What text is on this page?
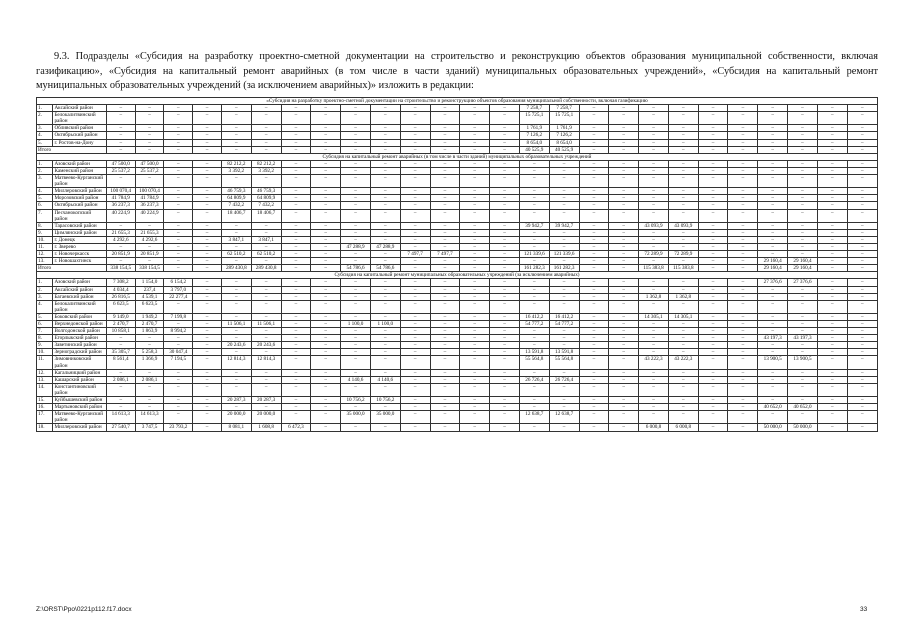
9.3. Подразделы «Субсидия на разработку проектно-сметной документации на строительство и реконструкцию объектов образования муниципальной собственности, включая газификацию», «Субсидия на капитальный ремонт аварийных (в том числе в части зданий) муниципальных образовательных учреждений», «Субсидия на капитальный ремонт муниципальных образовательных учреждений (за исключением аварийных)» изложить в редакции:

«Субсидия на разработку проектно-сметной документации на строительство и реконструкцию объектов образования муниципальной собственности, включая газификацию																											
1.	Аксайский район	–	–	–	–	–	–	–	–	–	–	–	–	–	–	7 258,7	7 258,7	–	–	–	–	–	–	–	–	–	–
2.	Белокалитвинский район	–	–	–	–	–	–	–	–	–	–	–	–	–	–	15 725,1	15 725,1	–	–	–	–	–	–	–	–	–	–
3.	Обливский район	–	–	–	–	–	–	–	–	–	–	–	–	–	–	1 761,9	1 761,9	–	–	–	–	–	–	–	–	–	–
4.	Октябрьский район	–	–	–	–	–	–	–	–	–	–	–	–	–	–	7 126,2	7 126,2	–	–	–	–	–	–	–	–	–	–
5.	г. Ростов-на-Дону	–	–	–	–	–	–	–	–	–	–	–	–	–	–	8 654,0	8 654,0	–	–	–	–	–	–	–	–	–	–
Итого		–	–	–	–	–	–	–	–	–	–	–	–	–	–	40 525,9	40 525,9	–	–	–	–	–	–	–	–	–	–
Субсидия на капитальный ремонт аварийных (в том числе в части зданий) муниципальных образовательных учреждений																											
1.	Азовский район	47 500,0	47 500,0	–	–	82 212,2	82 212,2	–	–	–	–	–	–	–	–	–	–	–	–	–	–	–	–	–	–	–	–
2.	Каменский район	25 537,2	25 537,2	–	–	3 392,2	3 392,2	–	–	–	–	–	–	–	–	–	–	–	–	–	–	–	–	–	–	–	–
3.	Матвеево-Курганский район	–	–	–	–	–	–	–	–	–	–	–	–	–	–	–	–	–	–	–	–	–	–	–	–	–	–
4.	Миллеровский район	100 070,4	100 070,4	–	–	46 759,3	46 759,3	–	–	–	–	–	–	–	–	–	–	–	–	–	–	–	–	–	–	–	–
5.	Морозовский район	41 784,9	41 784,9	–	–	64 809,9	64 809,9	–	–	–	–	–	–	–	–	–	–	–	–	–	–	–	–	–	–	–	–
6.	Октябрьский район	36 237,3	36 237,3	–	–	7 432,2	7 432,2	–	–	–	–	–	–	–	–	–	–	–	–	–	–	–	–	–	–	–	–
7.	Песчанокопский район	40 224,9	40 224,9	–	–	18 406,7	18 406,7	–	–	–	–	–	–	–	–	–	–	–	–	–	–	–	–	–	–	–	–
8.	Тарасовский район	–	–	–	–	–	–	–	–	–	–	–	–	–	–	39 942,7	39 942,7	–	–	43 093,9	43 093,9	–	–	–	–	–	–
9.	Цимлянский район	21 655,3	21 655,3	–	–	–	–	–	–	–	–	–	–	–	–	–	–	–	–	–	–	–	–	–	–	–	–
10.	г. Донецк	4 292,6	4 292,6	–	–	3 847,1	3 847,1	–	–	–	–	–	–	–	–	–	–	–	–	–	–	–	–	–	–	–	–
11.	г. Зверево	–	–	–	–	–	–	–	–	47 288,9	47 288,9	–	–	–	–	–	–	–	–	–	–	–	–	–	–	–	–
12.	г. Новочеркасск	20 851,9	20 851,9	–	–	62 510,2	62 510,2	–	–	–	–	7 497,7	7 497,7	–	–	121 339,6	121 339,6	–	–	72 289,9	72 289,9	–	–	–	–	–	–
13.	г. Новошахтинск	–	–	–	–	–	–	–	–	–	–	–	–	–	–	–	–	–	–	–	–	–	–	29 160,4	29 160,4	–	–
Итого		338 154,5	338 154,5	–	–	289 430,8	289 430,8	–	–	54 786,6	54 786,6	–	–	–	–	161 282,3	161 282,3	–	–	115 383,8	115 383,8	–	–	29 160,4	29 160,4	–	–
Субсидия на капитальный ремонт муниципальных образовательных учреждений (за исключением аварийных)																											
1.	Азовский район	7 308,2	1 154,0	6 154,2	–	–	–	–	–	–	–	–	–	–	–	–	–	–	–	–	–	–	–	27 376,6	27 376,6	–	–
2.	Аксайский район	4 034,4	237,4	3 797,0	–	–	–	–	–	–	–	–	–	–	–	–	–	–	–	–	–	–	–	–	–	–	–
3.	Багаевский район	26 816,5	4 539,1	22 277,4	–	–	–	–	–	–	–	–	–	–	–	–	–	–	–	1 362,8	1 362,8	–	–	–	–	–	–
4.	Белокалитвинский район	6 623,5	6 623,5	–	–	–	–	–	–	–	–	–	–	–	–	–	–	–	–	–	–	–	–	–	–	–	–
5.	Боковский район	9 149,0	1 949,2	7 199,8	–	–	–	–	–	–	–	–	–	–	–	16 412,2	16 412,2	–	–	14 305,1	14 305,1	–	–	–	–	–	–
6.	Верхнедонской район	2 470,7	2 470,7	–	–	11 506,1	11 506,1	–	–	1 100,0	1 100,0	–	–	–	–	54 777,2	54 777,2	–	–	–	–	–	–	–	–	–	–
7.	Волгодонской район	10 858,1	1 863,9	8 994,2	–	–	–	–	–	–	–	–	–	–	–	–	–	–	–	–	–	–	–	–	–	–	–
8.	Егорлыкский район	–	–	–	–	–	–	–	–	–	–	–	–	–	–	–	–	–	–	–	–	–	–	43 197,3	43 197,3	–	–
9.	Заветинский район	–	–	–	–	20 243,6	20 243,6	–	–	–	–	–	–	–	–	–	–	–	–	–	–	–	–	–	–	–	–
10.	Зерноградский район	35 305,7	5 258,3	30 047,4	–	–	–	–	–	–	–	–	–	–	–	13 591,8	13 591,8	–	–	–	–	–	–	–	–	–	–
11.	Зимовниковский район	8 561,4	1 366,9	7 194,5	–	12 814,3	12 814,3	–	–	–	–	–	–	–	–	55 564,8	55 564,8	–	–	43 222,3	43 222,3	–	–	13 900,5	13 900,5	–	–
12.	Кагальницкий район	–	–	–	–	–	–	–	–	–	–	–	–	–	–	–	–	–	–	–	–	–	–	–	–	–	–
13.	Кашарский район	2 086,1	2 086,1	–	–	–	–	–	–	4 140,6	4 140,6	–	–	–	–	26 726,4	26 726,4	–	–	–	–	–	–	–	–	–	–
14.	Константиновский район	–	–	–	–	–	–	–	–	–	–	–	–	–	–	–	–	–	–	–	–	–	–	–	–	–	–
15.	Куйбышевский район	–	–	–	–	20 287,3	20 287,3	–	–	10 756,2	10 756,2	–	–	–	–	–	–	–	–	–	–	–	–	–	–	–	–
16.	Мартыновский район	–	–	–	–	–	–	–	–	–	–	–	–	–	–	–	–	–	–	–	–	–	–	40 652,0	40 652,0	–	–
17.	Матвеево-Курганский район	14 613,3	14 613,3	–	–	20 000,0	20 000,0	–	–	35 000,0	35 000,0	–	–	–	–	12 638,7	12 638,7	–	–	–	–	–	–	–	–	–	–
18.	Миллеровский район	27 540,7	3 747,5	23 793,2	–	8 081,1	1 608,8	6 472,3	–	–	–	–	–	–	–	–	–	–	–	6 000,8	6 000,8	–	–	50 000,0	50 000,0	–	–
Z:\ORST\Ppo\0221p112.f17.docx	33
